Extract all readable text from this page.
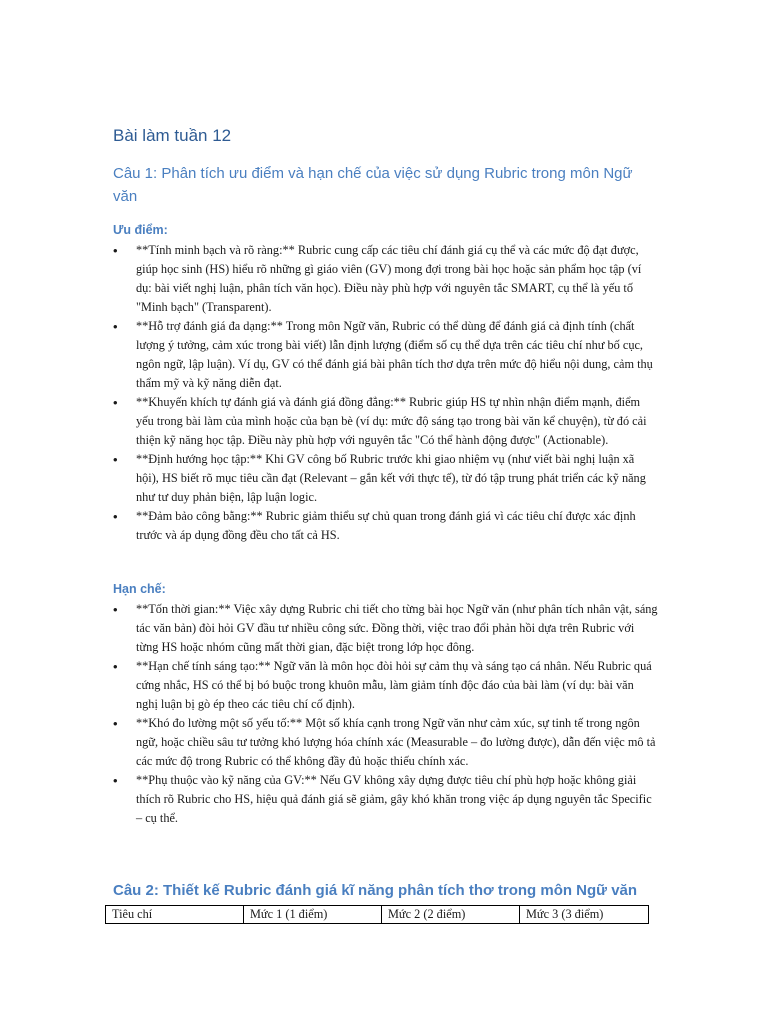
Bài làm tuần 12
Câu 1: Phân tích ưu điểm và hạn chế của việc sử dụng Rubric trong môn Ngữ văn
Ưu điểm:
• **Tính minh bạch và rõ ràng:** Rubric cung cấp các tiêu chí đánh giá cụ thể và các mức độ đạt được, giúp học sinh (HS) hiểu rõ những gì giáo viên (GV) mong đợi trong bài học hoặc sản phẩm học tập (ví dụ: bài viết nghị luận, phân tích văn học). Điều này phù hợp với nguyên tắc SMART, cụ thể là yếu tố "Minh bạch" (Transparent).
• **Hỗ trợ đánh giá đa dạng:** Trong môn Ngữ văn, Rubric có thể dùng để đánh giá cả định tính (chất lượng ý tưởng, cảm xúc trong bài viết) lẫn định lượng (điểm số cụ thể dựa trên các tiêu chí như bố cục, ngôn ngữ, lập luận). Ví dụ, GV có thể đánh giá bài phân tích thơ dựa trên mức độ hiểu nội dung, cảm thụ thẩm mỹ và kỹ năng diễn đạt.
• **Khuyến khích tự đánh giá và đánh giá đồng đẳng:** Rubric giúp HS tự nhìn nhận điểm mạnh, điểm yếu trong bài làm của mình hoặc của bạn bè (ví dụ: mức độ sáng tạo trong bài văn kể chuyện), từ đó cải thiện kỹ năng học tập. Điều này phù hợp với nguyên tắc "Có thể hành động được" (Actionable).
• **Định hướng học tập:** Khi GV công bố Rubric trước khi giao nhiệm vụ (như viết bài nghị luận xã hội), HS biết rõ mục tiêu cần đạt (Relevant – gắn kết với thực tế), từ đó tập trung phát triển các kỹ năng như tư duy phản biện, lập luận logic.
• **Đảm bảo công bằng:** Rubric giảm thiểu sự chủ quan trong đánh giá vì các tiêu chí được xác định trước và áp dụng đồng đều cho tất cả HS.
Hạn chế:
• **Tốn thời gian:** Việc xây dựng Rubric chi tiết cho từng bài học Ngữ văn (như phân tích nhân vật, sáng tác văn bản) đòi hỏi GV đầu tư nhiều công sức. Đồng thời, việc trao đổi phản hồi dựa trên Rubric với từng HS hoặc nhóm cũng mất thời gian, đặc biệt trong lớp học đông.
• **Hạn chế tính sáng tạo:** Ngữ văn là môn học đòi hỏi sự cảm thụ và sáng tạo cá nhân. Nếu Rubric quá cứng nhắc, HS có thể bị bó buộc trong khuôn mẫu, làm giảm tính độc đáo của bài làm (ví dụ: bài văn nghị luận bị gò ép theo các tiêu chí cố định).
• **Khó đo lường một số yếu tố:** Một số khía cạnh trong Ngữ văn như cảm xúc, sự tinh tế trong ngôn ngữ, hoặc chiều sâu tư tưởng khó lượng hóa chính xác (Measurable – đo lường được), dẫn đến việc mô tả các mức độ trong Rubric có thể không đầy đủ hoặc thiếu chính xác.
• **Phụ thuộc vào kỹ năng của GV:** Nếu GV không xây dựng được tiêu chí phù hợp hoặc không giải thích rõ Rubric cho HS, hiệu quả đánh giá sẽ giảm, gây khó khăn trong việc áp dụng nguyên tắc Specific – cụ thể.
Câu 2: Thiết kế Rubric đánh giá kĩ năng phân tích thơ trong môn Ngữ văn
Tiêu chí	Mức 1 (1 điểm)	Mức 2 (2 điểm)	Mức 3 (3 điểm)
